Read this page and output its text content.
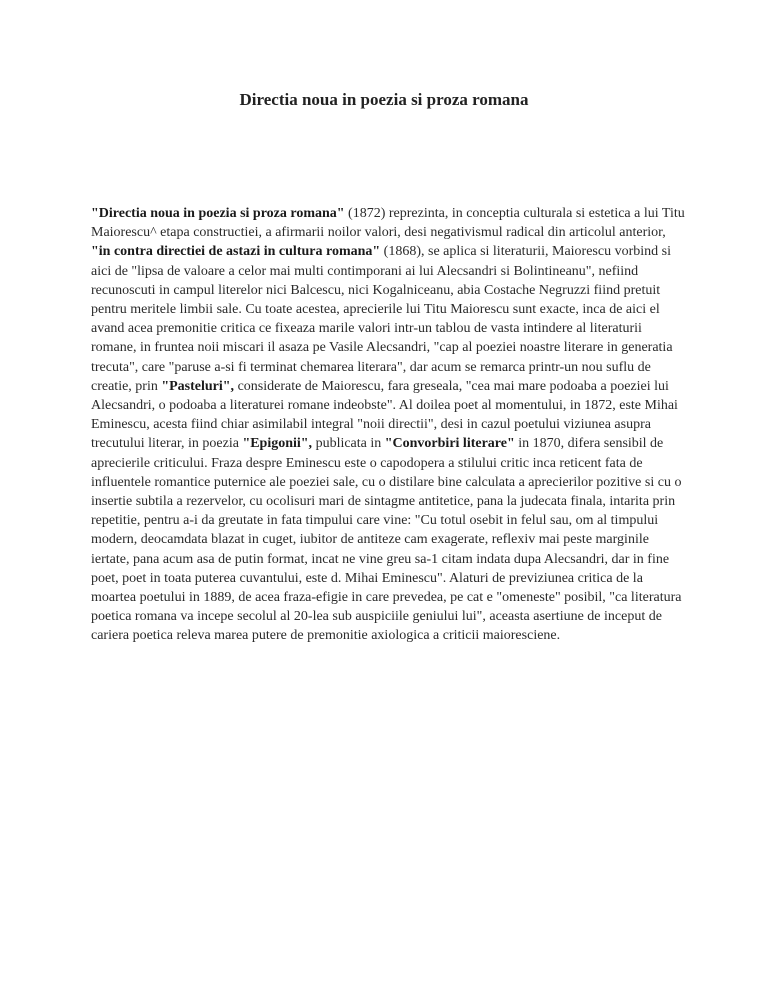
Directia noua in poezia si proza romana

"Directia noua in poezia si proza romana" (1872) reprezinta, in conceptia culturala si estetica a lui Titu Maiorescu^ etapa constructiei, a afirmarii noilor valori, desi negativismul radical din articolul anterior, "in contra directiei de astazi in cultura romana" (1868), se aplica si literaturii, Maiorescu vorbind si aici de "lipsa de valoare a celor mai multi contimporani ai lui Alecsandri si Bolintineanu", nefiind recunoscuti in campul literelor nici Balcescu, nici Kogalniceanu, abia Costache Negruzzi fiind pretuit pentru meritele limbii sale. Cu toate acestea, aprecierile lui Titu Maiorescu sunt exacte, inca de aici el avand acea premonitie critica ce fixeaza marile valori intr-un tablou de vasta intindere al literaturii romane, in fruntea noii miscari il asaza pe Vasile Alecsandri, "cap al poeziei noastre literare in generatia trecuta", care "paruse a-si fi terminat chemarea literara", dar acum se remarca printr-un nou suflu de creatie, prin "Pasteluri", considerate de Maiorescu, fara greseala, "cea mai mare podoaba a poeziei lui Alecsandri, o podoaba a literaturei romane indeobste". Al doilea poet al momentului, in 1872, este Mihai Eminescu, acesta fiind chiar asimilabil integral "noii directii", desi in cazul poetului viziunea asupra trecutului literar, in poezia "Epigonii", publicata in "Convorbiri literare" in 1870, difera sensibil de aprecierile criticului. Fraza despre Eminescu este o capodopera a stilului critic inca reticent fata de influentele romantice puternice ale poeziei sale, cu o distilare bine calculata a aprecierilor pozitive si cu o insertie subtila a rezervelor, cu ocolisuri mari de sintagme antitetice, pana la judecata finala, intarita prin repetitie, pentru a-i da greutate in fata timpului care vine: "Cu totul osebit in felul sau, om al timpului modern, deocamdata blazat in cuget, iubitor de antiteze cam exagerate, reflexiv mai peste marginile iertate, pana acum asa de putin format, incat ne vine greu sa-1 citam indata dupa Alecsandri, dar in fine poet, poet in toata puterea cuvantului, este d. Mihai Eminescu". Alaturi de previziunea critica de la moartea poetului in 1889, de acea fraza-efigie in care prevedea, pe cat e "omeneste" posibil, "ca literatura poetica romana va incepe secolul al 20-lea sub auspiciile geniului lui", aceasta asertiune de inceput de cariera poetica releva marea putere de premonitie axiologica a criticii maioresciene.
